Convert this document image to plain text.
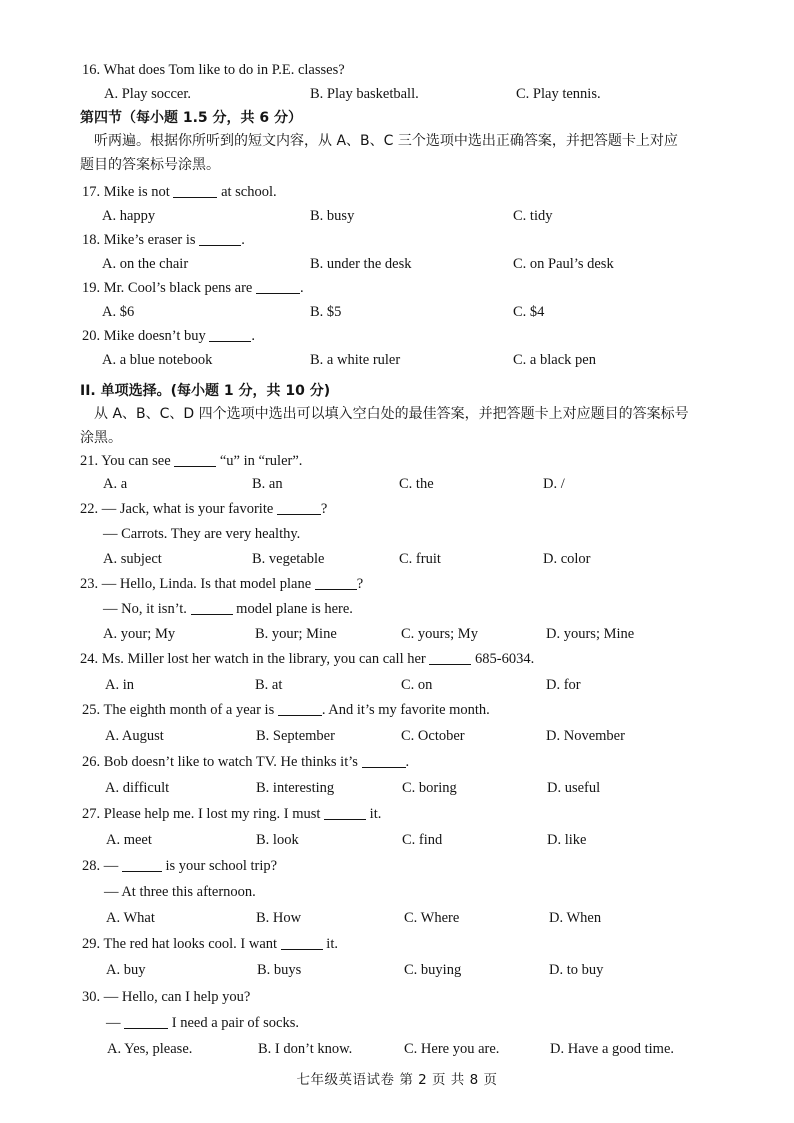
16. What does Tom like to do in P.E. classes?
A. Play soccer.	B. Play basketball.	C. Play tennis.
第四节（每小题 1.5 分，共 6 分）
听两遍。根据你所听到的短文内容，从 A、B、C 三个选项中选出正确答案，并把答题卡上对应题目的答案标号涂黑。
17. Mike is not	at school.
A. happy	B. busy	C. tidy
18. Mike’s eraser is	.
A. on the chair	B. under the desk	C. on Paul’s desk
19. Mr. Cool’s black pens are	.
A. $6	B. $5	C. $4
20. Mike doesn’t buy	.
A. a blue notebook	B. a white ruler	C. a black pen
II. 单项选择。(每小题 1 分，共 10 分)
从 A、B、C、D 四个选项中选出可以填入空白处的最佳答案，并把答题卡上对应题目的答案标号涂黑。
21. You can see	“u” in “ruler”.
A. a	B. an	C. the	D. /
22. — Jack, what is your favorite	?
— Carrots. They are very healthy.
A. subject	B. vegetable	C. fruit	D. color
23. — Hello, Linda. Is that model plane	?
— No, it isn’t.	model plane is here.
A. your; My	B. your; Mine	C. yours; My	D. yours; Mine
24. Ms. Miller lost her watch in the library, you can call her	685-6034.
A. in	B. at	C. on	D. for
25. The eighth month of a year is	. And it’s my favorite month.
A. August	B. September	C. October	D. November
26. Bob doesn’t like to watch TV. He thinks it’s	.
A. difficult	B. interesting	C. boring	D. useful
27. Please help me. I lost my ring. I must	it.
A. meet	B. look	C. find	D. like
28. —	is your school trip?
— At three this afternoon.
A. What	B. How	C. Where	D. When
29. The red hat looks cool. I want	it.
A. buy	B. buys	C. buying	D. to buy
30. — Hello, can I help you?
—	I need a pair of socks.
A. Yes, please.	B. I don’t know.	C. Here you are.	D. Have a good time.
七年级英语试卷 第 2 页 共 8 页
